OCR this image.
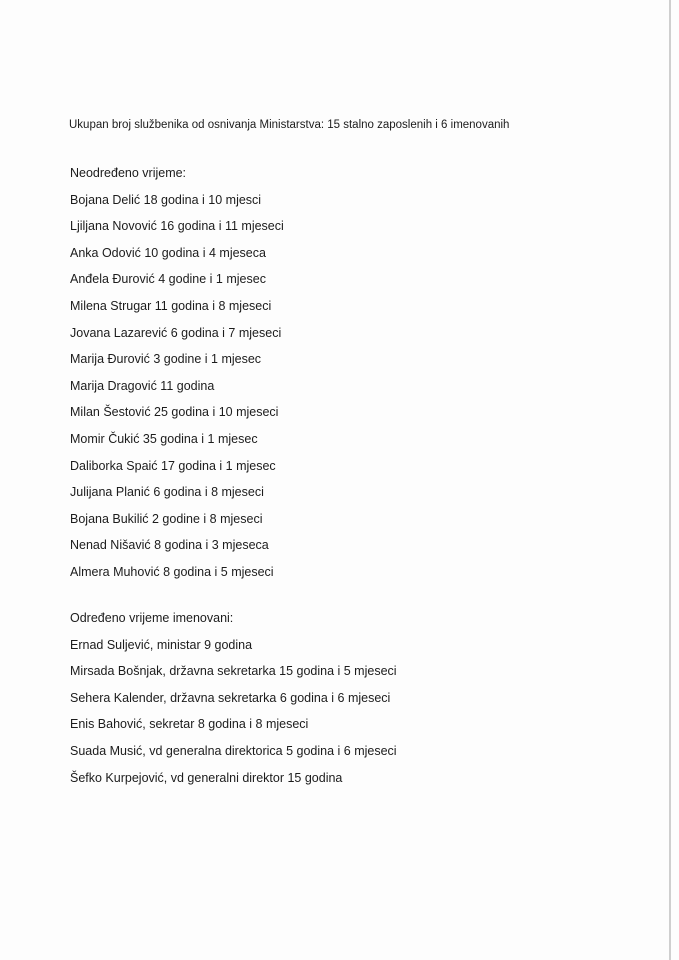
Ukupan broj službenika od osnivanja Ministarstva: 15 stalno zaposlenih i 6 imenovanih
Neodređeno vrijeme:
Bojana Delić 18 godina i 10 mjesci
Ljiljana Novović 16 godina i 11 mjeseci
Anka Odović 10 godina i 4 mjeseca
Anđela Đurović 4 godine i 1 mjesec
Milena Strugar 11 godina i 8 mjeseci
Jovana Lazarević 6 godina i 7 mjeseci
Marija Đurović 3 godine i 1 mjesec
Marija Dragović 11 godina
Milan Šestović 25 godina i 10 mjeseci
Momir Čukić 35 godina i 1 mjesec
Daliborka Spaić 17 godina i 1 mjesec
Julijana Planić 6 godina i 8 mjeseci
Bojana Bukilić 2 godine i 8 mjeseci
Nenad Nišavić 8 godina i 3 mjeseca
Almera Muhović 8 godina i 5 mjeseci
Određeno vrijeme imenovani:
Ernad Suljević, ministar 9 godina
Mirsada Bošnjak, državna sekretarka 15 godina i 5 mjeseci
Sehera Kalender, državna sekretarka 6 godina i 6 mjeseci
Enis Bahović, sekretar 8 godina i 8 mjeseci
Suada Musić, vd generalna direktorica 5 godina i 6 mjeseci
Šefko Kurpejović, vd generalni direktor 15 godina
